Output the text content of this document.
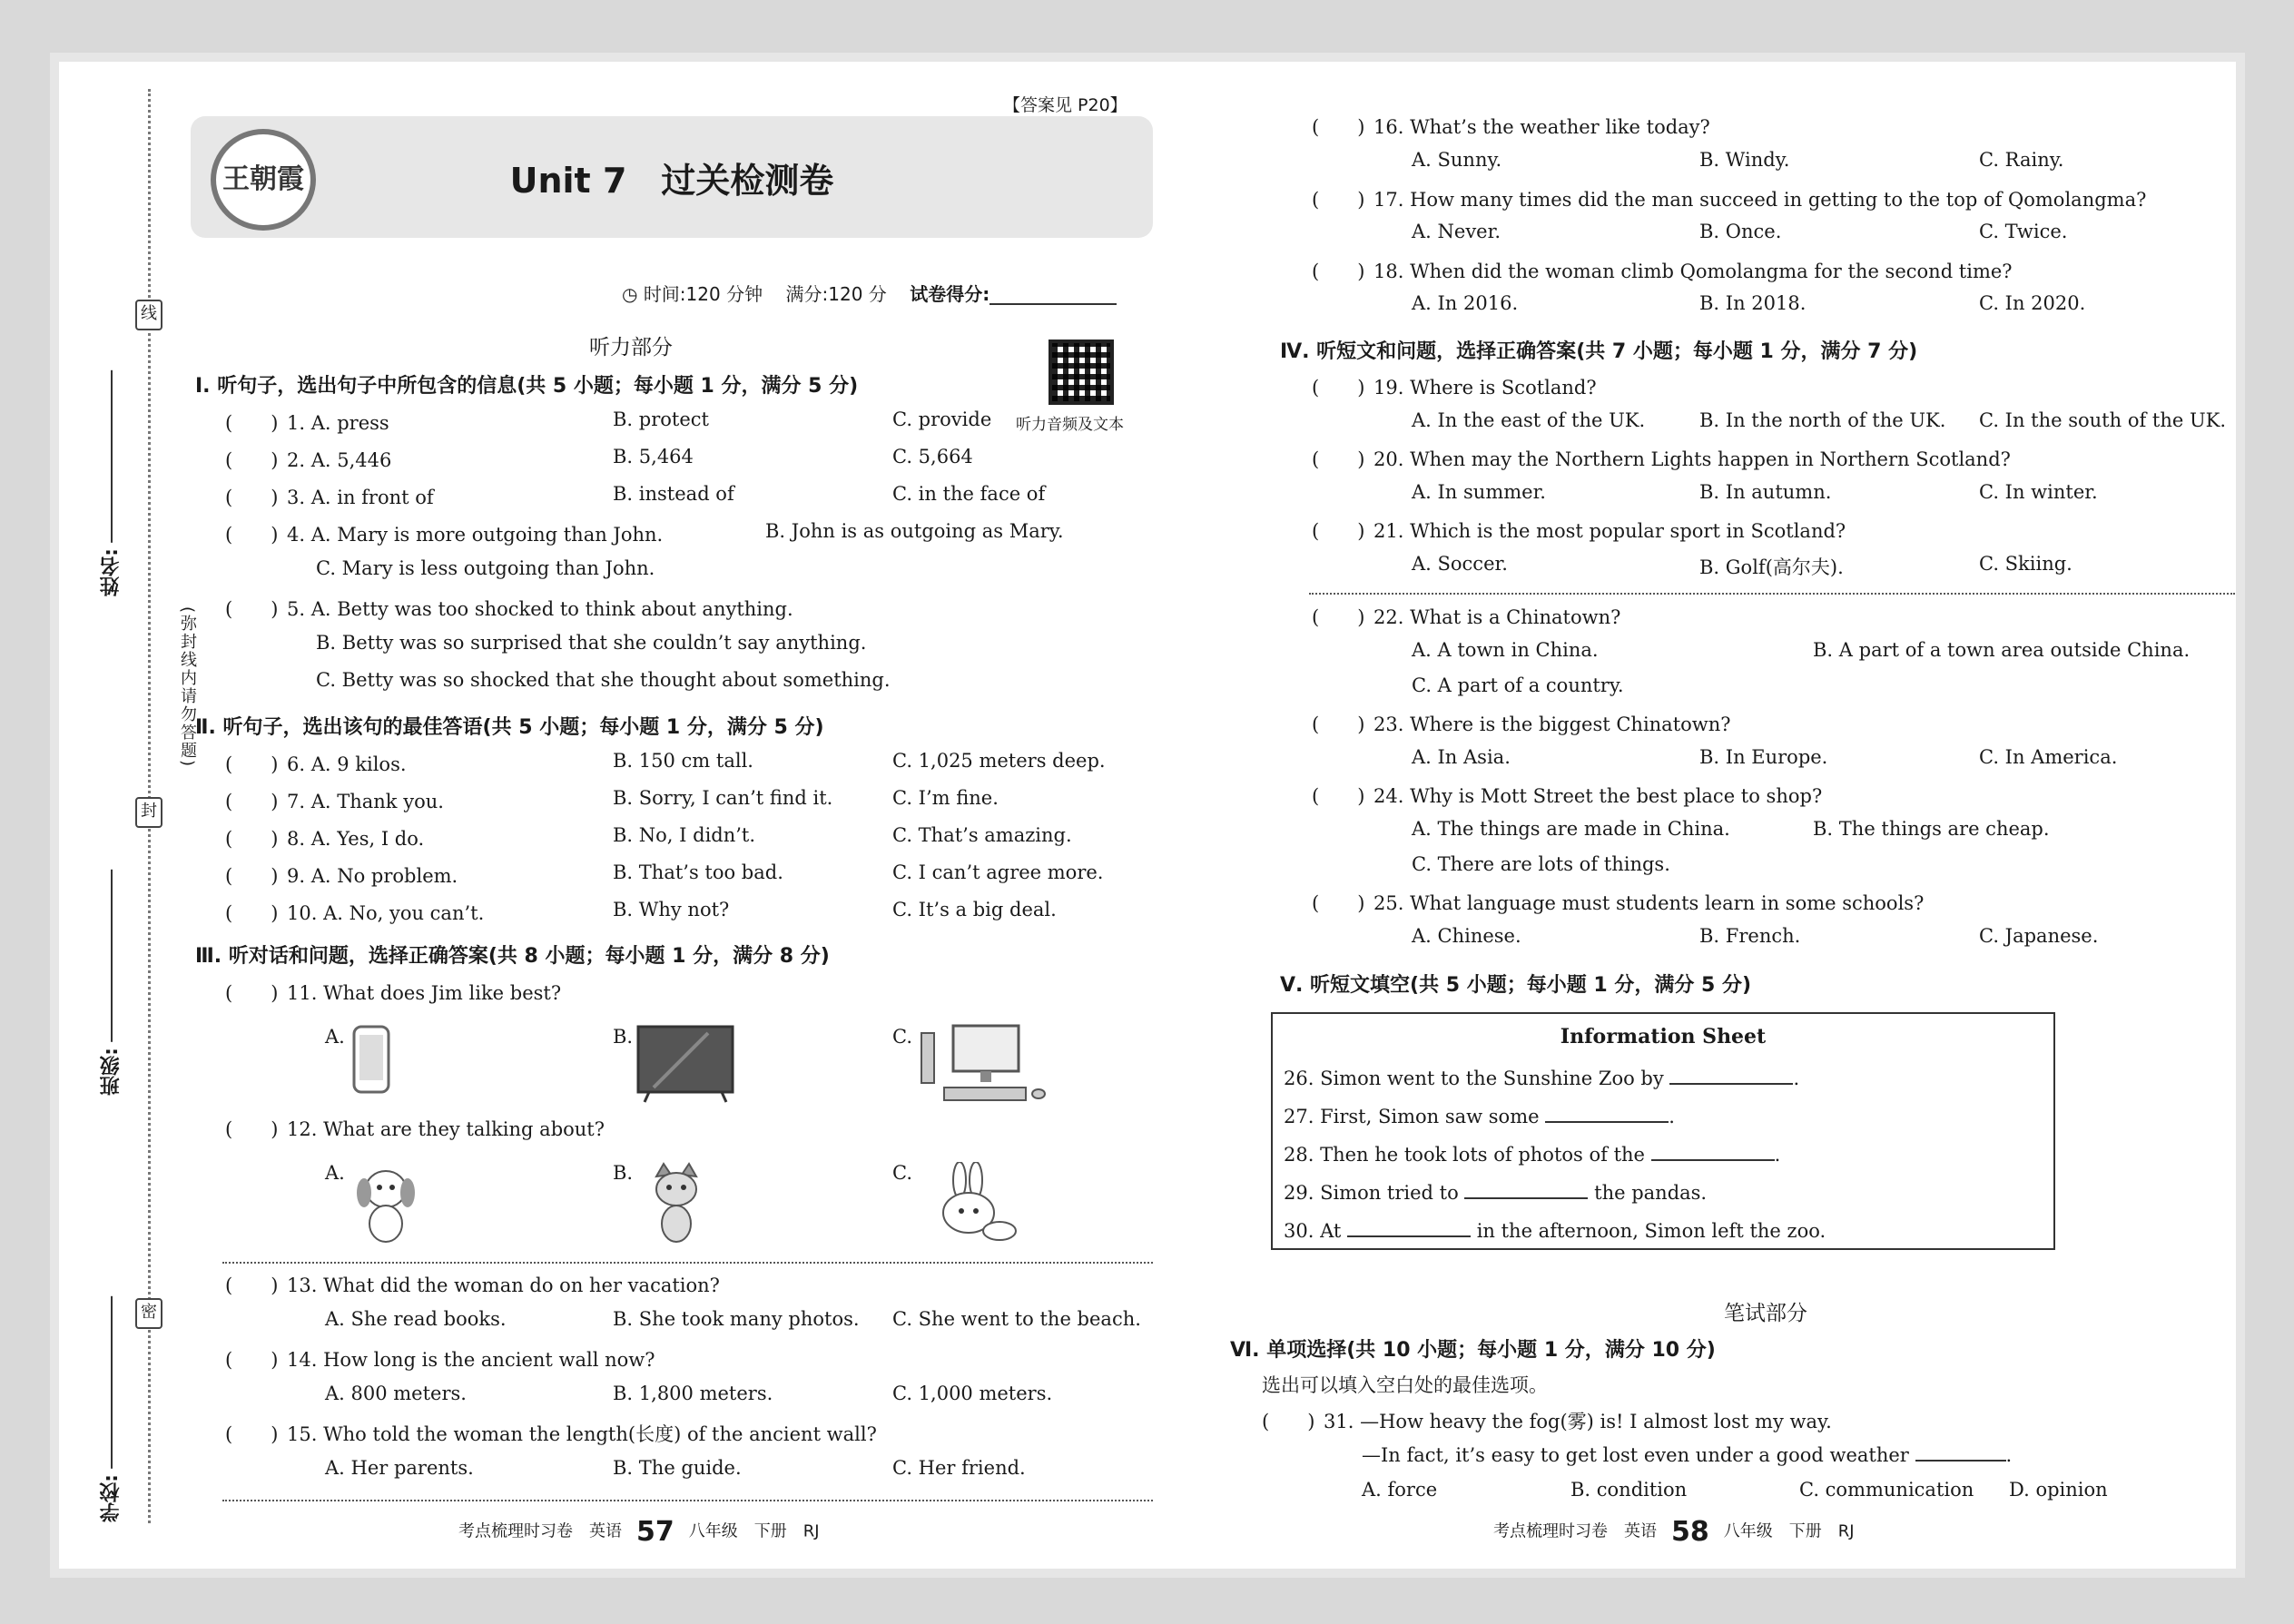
学校:
班级:
姓名:
线
封
密
(弥封线内请勿答题)
【答案见 P20】
王朝霞	Unit 7　过关检测卷
◷ 时间:120 分钟 满分:120 分 试卷得分:
听力部分
听力音频及文本
Ⅰ. 听句子，选出句子中所包含的信息(共 5 小题；每小题 1 分，满分 5 分)
(　　) 1. A. press	B. protect	C. provide
(　　) 2. A. 5,446	B. 5,464	C. 5,664
(　　) 3. A. in front of	B. instead of	C. in the face of
(　　) 4. A. Mary is more outgoing than John.	B. John is as outgoing as Mary.
C. Mary is less outgoing than John.
(　　) 5. A. Betty was too shocked to think about anything.
B. Betty was so surprised that she couldn’t say anything.
C. Betty was so shocked that she thought about something.
Ⅱ. 听句子，选出该句的最佳答语(共 5 小题；每小题 1 分，满分 5 分)
(　　) 6. A. 9 kilos.	B. 150 cm tall.	C. 1,025 meters deep.
(　　) 7. A. Thank you.	B. Sorry, I can’t find it.	C. I’m fine.
(　　) 8. A. Yes, I do.	B. No, I didn’t.	C. That’s amazing.
(　　) 9. A. No problem.	B. That’s too bad.	C. I can’t agree more.
(　　) 10. A. No, you can’t.	B. Why not?	C. It’s a big deal.
Ⅲ. 听对话和问题，选择正确答案(共 8 小题；每小题 1 分，满分 8 分)
(　　) 11. What does Jim like best?
A.	B.	C.
(　　) 12. What are they talking about?
A.	B.	C.
(　　) 13. What did the woman do on her vacation?
A. She read books.	B. She took many photos. C. She went to the beach.
(　　) 14. How long is the ancient wall now?
A. 800 meters.	B. 1,800 meters.	C. 1,000 meters.
(　　) 15. Who told the woman the length(长度) of the ancient wall?
A. Her parents.	B. The guide.	C. Her friend.
考点梳理时习卷　英语 57 八年级　下册　RJ
(　　) 16. What’s the weather like today?
A. Sunny.	B. Windy.	C. Rainy.
(　　) 17. How many times did the man succeed in getting to the top of Qomolangma?
A. Never.	B. Once.	C. Twice.
(　　) 18. When did the woman climb Qomolangma for the second time?
A. In 2016.	B. In 2018.	C. In 2020.
Ⅳ. 听短文和问题，选择正确答案(共 7 小题；每小题 1 分，满分 7 分)
(　　) 19. Where is Scotland?
A. In the east of the UK.	B. In the north of the UK. C. In the south of the UK.
(　　) 20. When may the Northern Lights happen in Northern Scotland?
A. In summer.	B. In autumn.	C. In winter.
(　　) 21. Which is the most popular sport in Scotland?
A. Soccer.	B. Golf(高尔夫).	C. Skiing.
(　　) 22. What is a Chinatown?
A. A town in China.	B. A part of a town area outside China.
C. A part of a country.
(　　) 23. Where is the biggest Chinatown?
A. In Asia.	B. In Europe.	C. In America.
(　　) 24. Why is Mott Street the best place to shop?
A. The things are made in China.	B. The things are cheap.
C. There are lots of things.
(　　) 25. What language must students learn in some schools?
A. Chinese.	B. French.	C. Japanese.
Ⅴ. 听短文填空(共 5 小题；每小题 1 分，满分 5 分)
考点梳理时习卷　英语 58 八年级　下册　RJ
Information Sheet
26. Simon went to the Sunshine Zoo by	.
27. First, Simon saw some	.
28. Then he took lots of photos of the	.
29. Simon tried to	the pandas.
30. At	in the afternoon, Simon left the zoo.
笔试部分
Ⅵ. 单项选择(共 10 小题；每小题 1 分，满分 10 分)
选出可以填入空白处的最佳选项。
(　　) 31. —How heavy the fog(雾) is! I almost lost my way.
—In fact, it’s easy to get lost even under a good weather	.
A. force	B. condition	C. communication D. opinion
